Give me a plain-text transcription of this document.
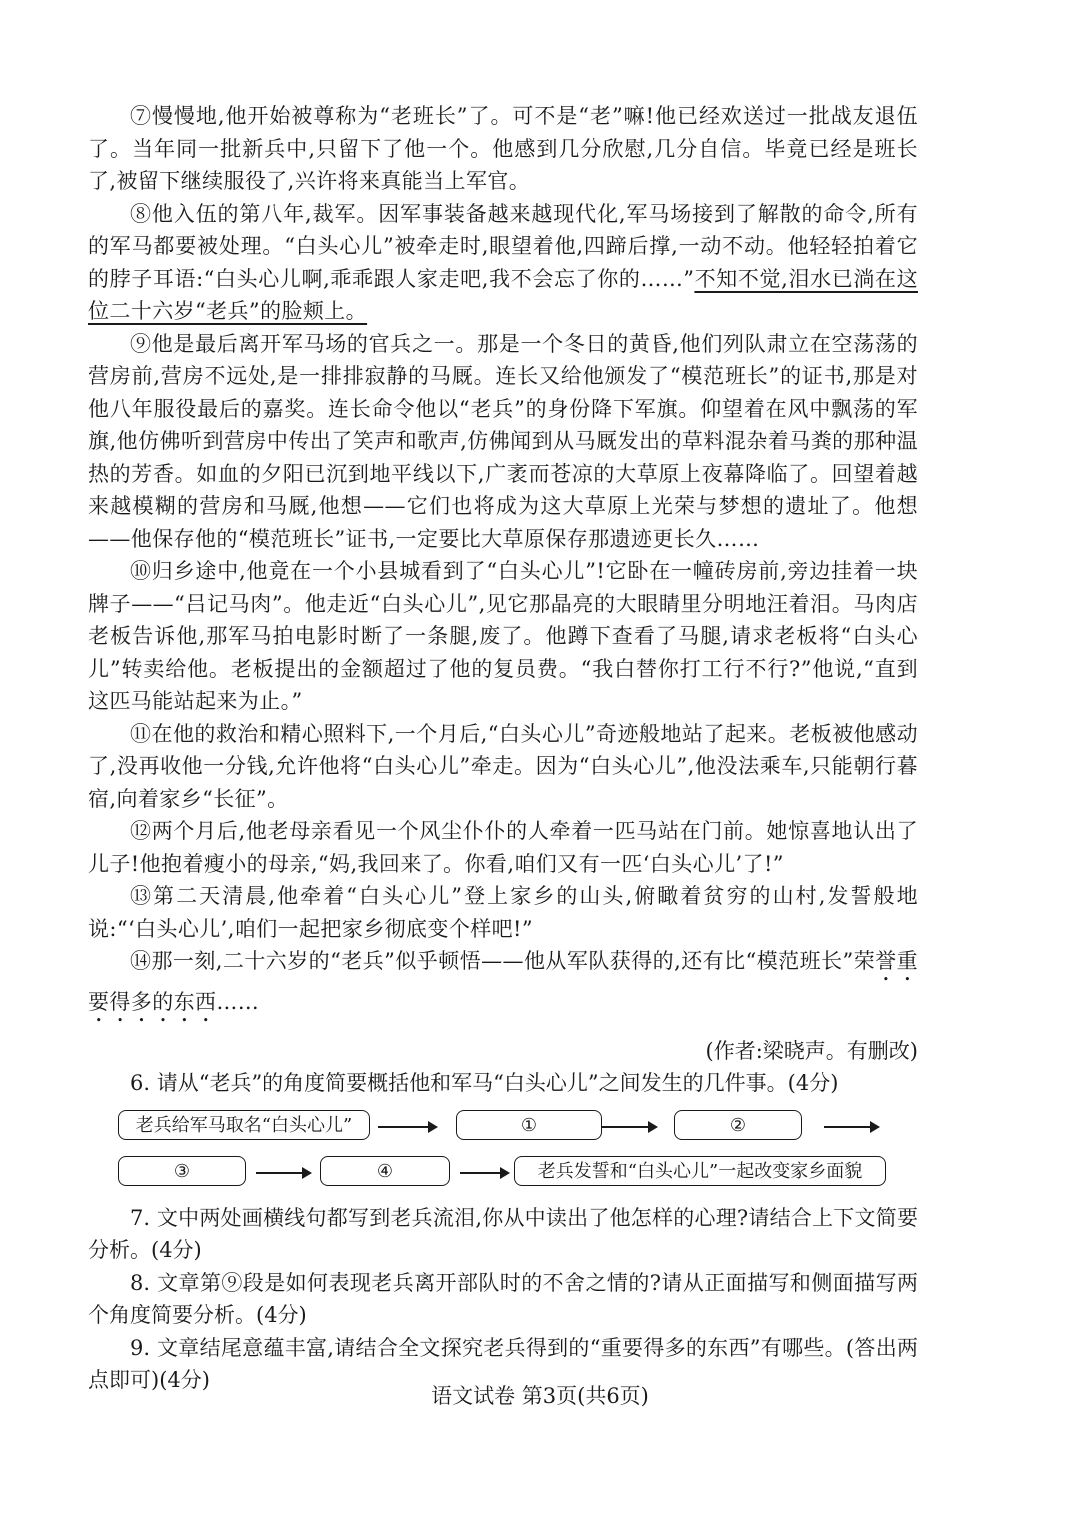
⑦慢慢地,他开始被尊称为“老班长”了。可不是“老”嘛!他已经欢送过一批战友退伍了。当年同一批新兵中,只留下了他一个。他感到几分欣慰,几分自信。毕竟已经是班长了,被留下继续服役了,兴许将来真能当上军官。

⑧他入伍的第八年,裁军。因军事装备越来越现代化,军马场接到了解散的命令,所有的军马都要被处理。“白头心儿”被牵走时,眼望着他,四蹄后撑,一动不动。他轻轻拍着它的脖子耳语:“白头心儿啊,乖乖跟人家走吧,我不会忘了你的……”不知不觉,泪水已淌在这位二十六岁“老兵”的脸颊上。

⑨他是最后离开军马场的官兵之一。那是一个冬日的黄昏,他们列队肃立在空荡荡的营房前,营房不远处,是一排排寂静的马厩。连长又给他颁发了“模范班长”的证书,那是对他八年服役最后的嘉奖。连长命令他以“老兵”的身份降下军旗。仰望着在风中飘荡的军旗,他仿佛听到营房中传出了笑声和歌声,仿佛闻到从马厩发出的草料混杂着马粪的那种温热的芳香。如血的夕阳已沉到地平线以下,广袤而苍凉的大草原上夜幕降临了。回望着越来越模糊的营房和马厩,他想——它们也将成为这大草原上光荣与梦想的遗址了。他想——他保存他的“模范班长”证书,一定要比大草原保存那遗迹更长久……

⑩归乡途中,他竟在一个小县城看到了“白头心儿”!它卧在一幢砖房前,旁边挂着一块牌子——“吕记马肉”。他走近“白头心儿”,见它那晶亮的大眼睛里分明地汪着泪。马肉店老板告诉他,那军马拍电影时断了一条腿,废了。他蹲下查看了马腿,请求老板将“白头心儿”转卖给他。老板提出的金额超过了他的复员费。“我白替你打工行不行?”他说,“直到这匹马能站起来为止。”

⑪在他的救治和精心照料下,一个月后,“白头心儿”奇迹般地站了起来。老板被他感动了,没再收他一分钱,允许他将“白头心儿”牵走。因为“白头心儿”,他没法乘车,只能朝行暮宿,向着家乡“长征”。

⑫两个月后,他老母亲看见一个风尘仆仆的人牵着一匹马站在门前。她惊喜地认出了儿子!他抱着瘦小的母亲,“妈,我回来了。你看,咱们又有一匹‘白头心儿’了!”

⑬第二天清晨,他牵着“白头心儿”登上家乡的山头,俯瞰着贫穷的山村,发誓般地说:“‘白头心儿’,咱们一起把家乡彻底变个样吧!”

⑭那一刻,二十六岁的“老兵”似乎顿悟——他从军队获得的,还有比“模范班长”荣誉重要得多的东西……

(作者:梁晓声。有删改)

6. 请从“老兵”的角度简要概括他和军马“白头心儿”之间发生的几件事。(4分)

老兵给军马取名“白头心儿”	①	②
③	④	老兵发誓和“白头心儿”一起改变家乡面貌

7. 文中两处画横线句都写到老兵流泪,你从中读出了他怎样的心理?请结合上下文简要分析。(4分)

8. 文章第⑨段是如何表现老兵离开部队时的不舍之情的?请从正面描写和侧面描写两个角度简要分析。(4分)

9. 文章结尾意蕴丰富,请结合全文探究老兵得到的“重要得多的东西”有哪些。(答出两点即可)(4分)

语文试卷 第3页(共6页)
